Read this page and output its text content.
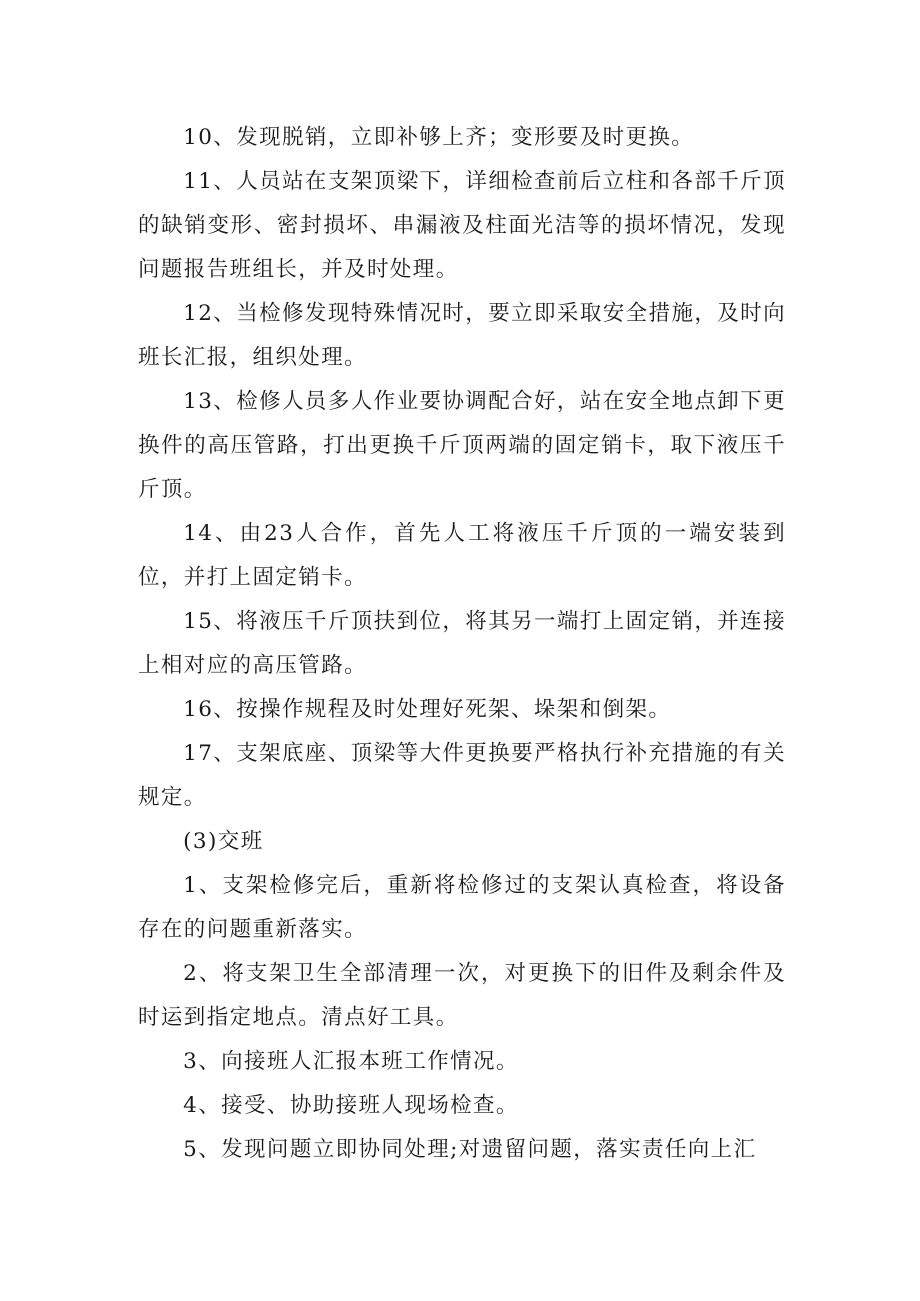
10、发现脱销，立即补够上齐；变形要及时更换。

11、人员站在支架顶梁下，详细检查前后立柱和各部千斤顶的缺销变形、密封损坏、串漏液及柱面光洁等的损坏情况，发现问题报告班组长，并及时处理。

12、当检修发现特殊情况时，要立即采取安全措施，及时向班长汇报，组织处理。

13、检修人员多人作业要协调配合好，站在安全地点卸下更换件的高压管路，打出更换千斤顶两端的固定销卡，取下液压千斤顶。

14、由23人合作，首先人工将液压千斤顶的一端安装到位，并打上固定销卡。

15、将液压千斤顶扶到位，将其另一端打上固定销，并连接上相对应的高压管路。

16、按操作规程及时处理好死架、垛架和倒架。

17、支架底座、顶梁等大件更换要严格执行补充措施的有关规定。

(3)交班

1、支架检修完后，重新将检修过的支架认真检查，将设备存在的问题重新落实。

2、将支架卫生全部清理一次，对更换下的旧件及剩余件及时运到指定地点。清点好工具。

3、向接班人汇报本班工作情况。

4、接受、协助接班人现场检查。

5、发现问题立即协同处理;对遗留问题，落实责任向上汇
